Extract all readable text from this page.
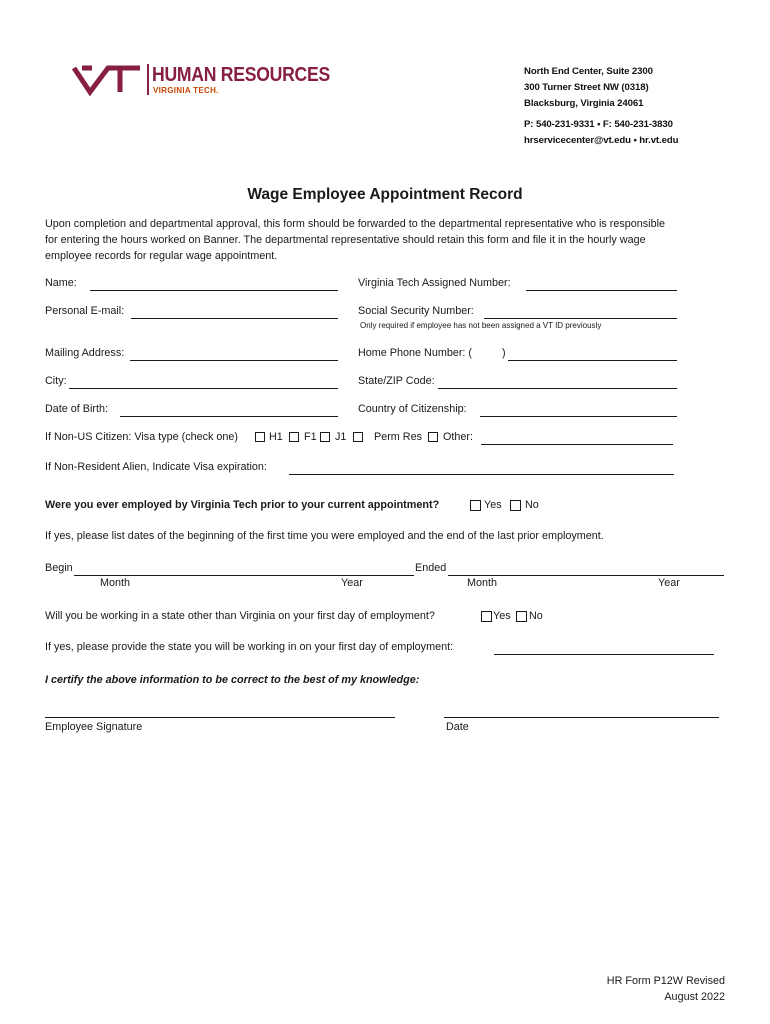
HUMAN RESOURCES
VIRGINIA TECH.
North End Center, Suite 2300
300 Turner Street NW (0318)
Blacksburg, Virginia 24061
P: 540-231-9331 • F: 540-231-3830
hrservicecenter@vt.edu • hr.vt.edu
Wage Employee Appointment Record
Upon completion and departmental approval, this form should be forwarded to the departmental representative who is responsible
for entering the hours worked on Banner. The departmental representative should retain this form and file it in the hourly wage
employee records for regular wage appointment.
Name:	Virginia Tech Assigned Number:
Personal E-mail:	Social Security Number:
Only required if employee has not been assigned a VT ID previously
Mailing Address:	Home Phone Number: (	)
City:	State/ZIP Code:
Date of Birth:	Country of Citizenship:
If Non-US Citizen: Visa type (check one)	H1 F1 J1	Perm Res Other:
If Non-Resident Alien, Indicate Visa expiration:
Were you ever employed by Virginia Tech prior to your current appointment?	Yes No
If yes, please list dates of the beginning of the first time you were employed and the end of the last prior employment.
Begin	Ended
Month	Year	Month	Year
Will you be working in a state other than Virginia on your first day of employment?	Yes No
If yes, please provide the state you will be working in on your first day of employment:
I certify the above information to be correct to the best of my knowledge:
Employee Signature	Date
HR Form P12W Revised
August 2022
